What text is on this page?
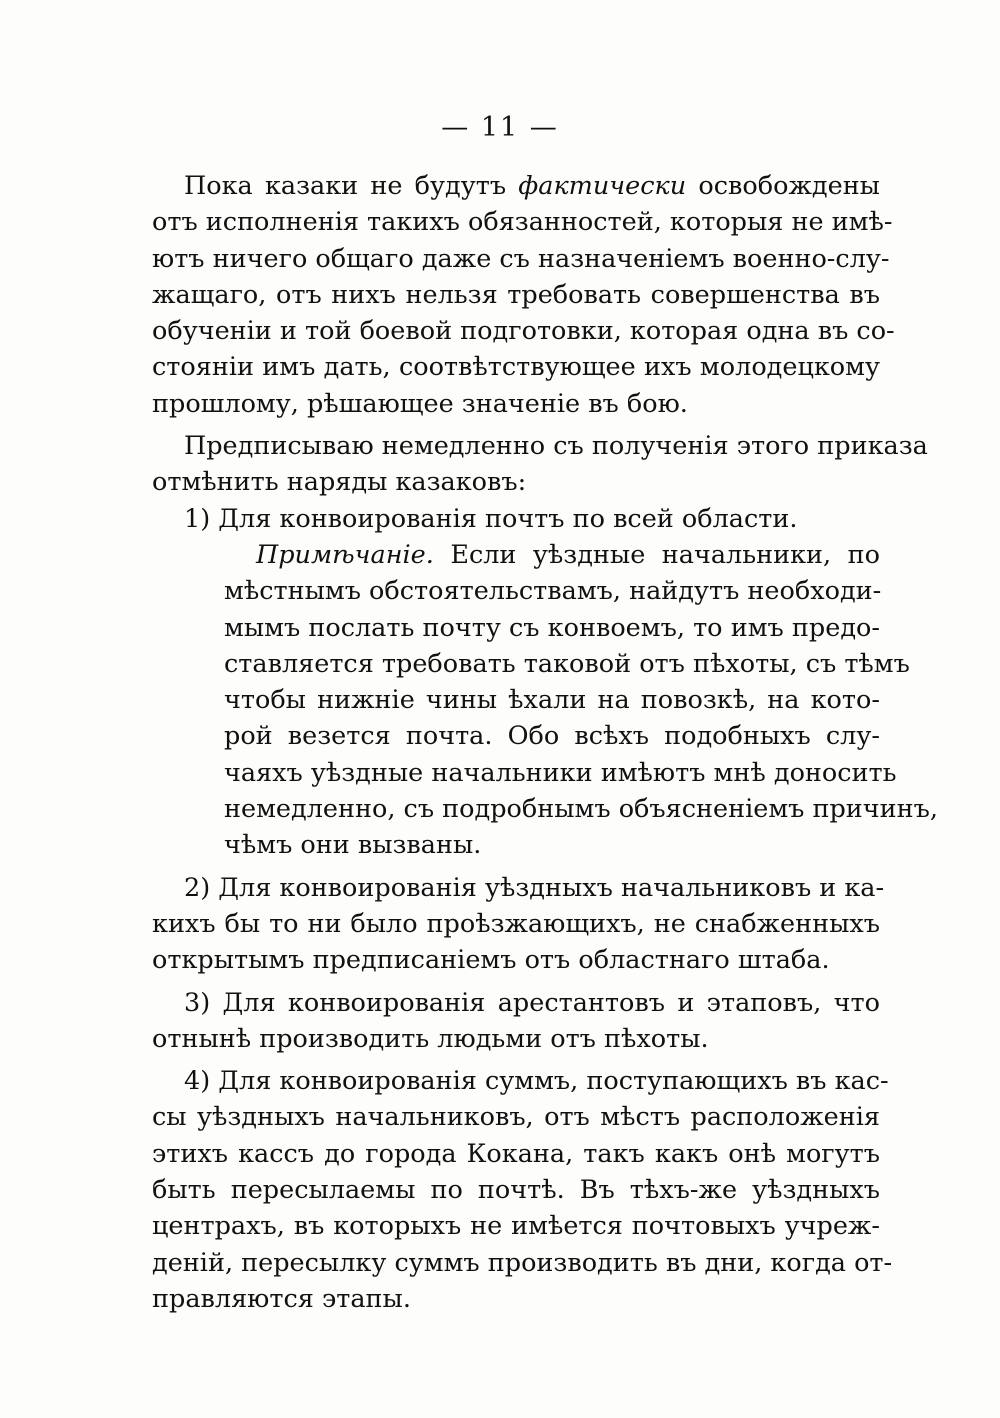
— 11 —
Пока казаки не будутъ фактически освобождены
отъ исполненія такихъ обязанностей, которыя не имѣ-
ютъ ничего общаго даже съ назначеніемъ военно-слу-
жащаго, отъ нихъ нельзя требовать совершенства въ
обученіи и той боевой подготовки, которая одна въ со-
стояніи имъ дать, соотвѣтствующее ихъ молодецкому
прошлому, рѣшающее значеніе въ бою.
Предписываю немедленно съ полученія этого приказа
отмѣнить наряды казаковъ:
1) Для конвоированія почтъ по всей области.
Примѣчаніе. Если уѣздные начальники, по
мѣстнымъ обстоятельствамъ, найдутъ необходи-
мымъ послать почту съ конвоемъ, то имъ предо-
ставляется требовать таковой отъ пѣхоты, съ тѣмъ
чтобы нижніе чины ѣхали на повозкѣ, на кото-
рой везется почта. Обо всѣхъ подобныхъ слу-
чаяхъ уѣздные начальники имѣютъ мнѣ доносить
немедленно, съ подробнымъ объясненіемъ причинъ,
чѣмъ они вызваны.
2) Для конвоированія уѣздныхъ начальниковъ и ка-
кихъ бы то ни было проѣзжающихъ, не снабженныхъ
открытымъ предписаніемъ отъ областнаго штаба.
3) Для конвоированія арестантовъ и этаповъ, что
отнынѣ производить людьми отъ пѣхоты.
4) Для конвоированія суммъ, поступающихъ въ кас-
сы уѣздныхъ начальниковъ, отъ мѣстъ расположенія
этихъ кассъ до города Кокана, такъ какъ онѣ могутъ
быть пересылаемы по почтѣ. Въ тѣхъ-же уѣздныхъ
центрахъ, въ которыхъ не имѣется почтовыхъ учреж-
деній, пересылку суммъ производить въ дни, когда от-
правляются этапы.
